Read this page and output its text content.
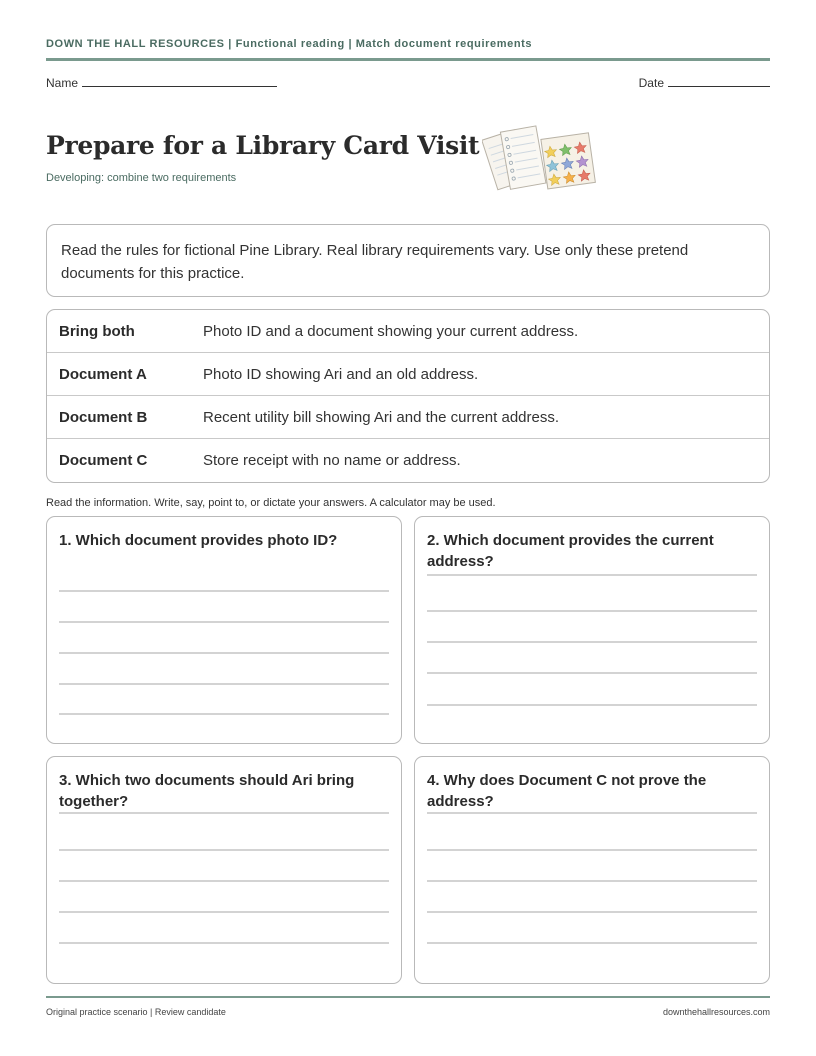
DOWN THE HALL RESOURCES | Functional reading | Match document requirements
Name	Date
Prepare for a Library Card Visit
Developing: combine two requirements
Read the rules for fictional Pine Library. Real library requirements vary. Use only these pretend documents for this practice.
Bring both	Photo ID and a document showing your current address.
Document A	Photo ID showing Ari and an old address.
Document B	Recent utility bill showing Ari and the current address.
Document C	Store receipt with no name or address.
Read the information. Write, say, point to, or dictate your answers. A calculator may be used.
1. Which document provides photo ID?	2. Which document provides the current address?
3. Which two documents should Ari bring together?
4. Why does Document C not prove the address?
Original practice scenario | Review candidate	downthehallresources.com
